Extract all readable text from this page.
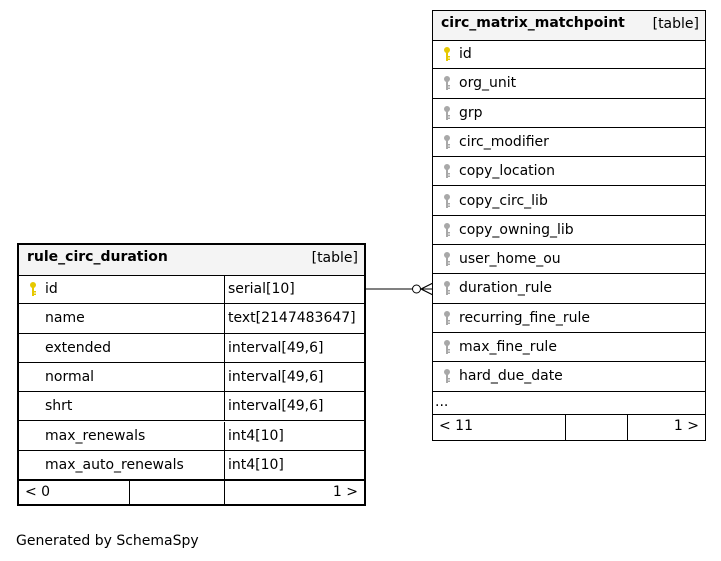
rule_circ_duration	[table]
id	serial[10]
name	text[2147483647]
extended	interval[49,6]
normal	interval[49,6]
shrt	interval[49,6]
max_renewals	int4[10]
max_auto_renewals	int4[10]
< 0	1 >
circ_matrix_matchpoint [table]
id
org_unit
grp
circ_modifier
copy_location
copy_circ_lib
copy_owning_lib
user_home_ou
duration_rule
recurring_fine_rule
max_fine_rule
hard_due_date
...
< 11	1 >
Generated by SchemaSpy
